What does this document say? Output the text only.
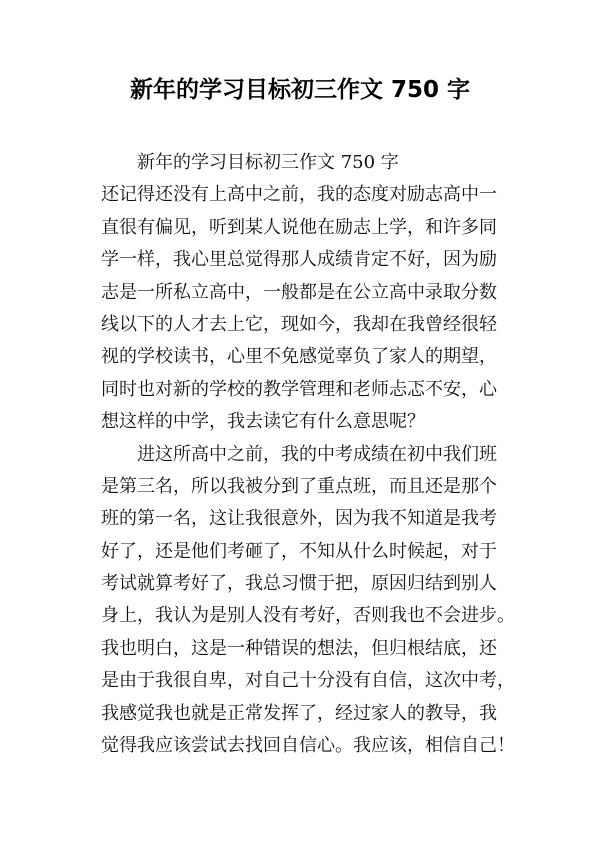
新年的学习目标初三作文 750 字
新年的学习目标初三作文 750 字
还记得还没有上高中之前，我的态度对励志高中一
直很有偏见，听到某人说他在励志上学，和许多同
学一样，我心里总觉得那人成绩肯定不好，因为励
志是一所私立高中，一般都是在公立高中录取分数
线以下的人才去上它，现如今，我却在我曾经很轻
视的学校读书，心里不免感觉辜负了家人的期望，
同时也对新的学校的教学管理和老师忐忑不安，心
想这样的中学，我去读它有什么意思呢？
进这所高中之前，我的中考成绩在初中我们班
是第三名，所以我被分到了重点班，而且还是那个
班的第一名，这让我很意外，因为我不知道是我考
好了，还是他们考砸了，不知从什么时候起，对于
考试就算考好了，我总习惯于把，原因归结到别人
身上，我认为是别人没有考好，否则我也不会进步。
我也明白，这是一种错误的想法，但归根结底，还
是由于我很自卑，对自己十分没有自信，这次中考，
我感觉我也就是正常发挥了，经过家人的教导，我
觉得我应该尝试去找回自信心。我应该，相信自己！
